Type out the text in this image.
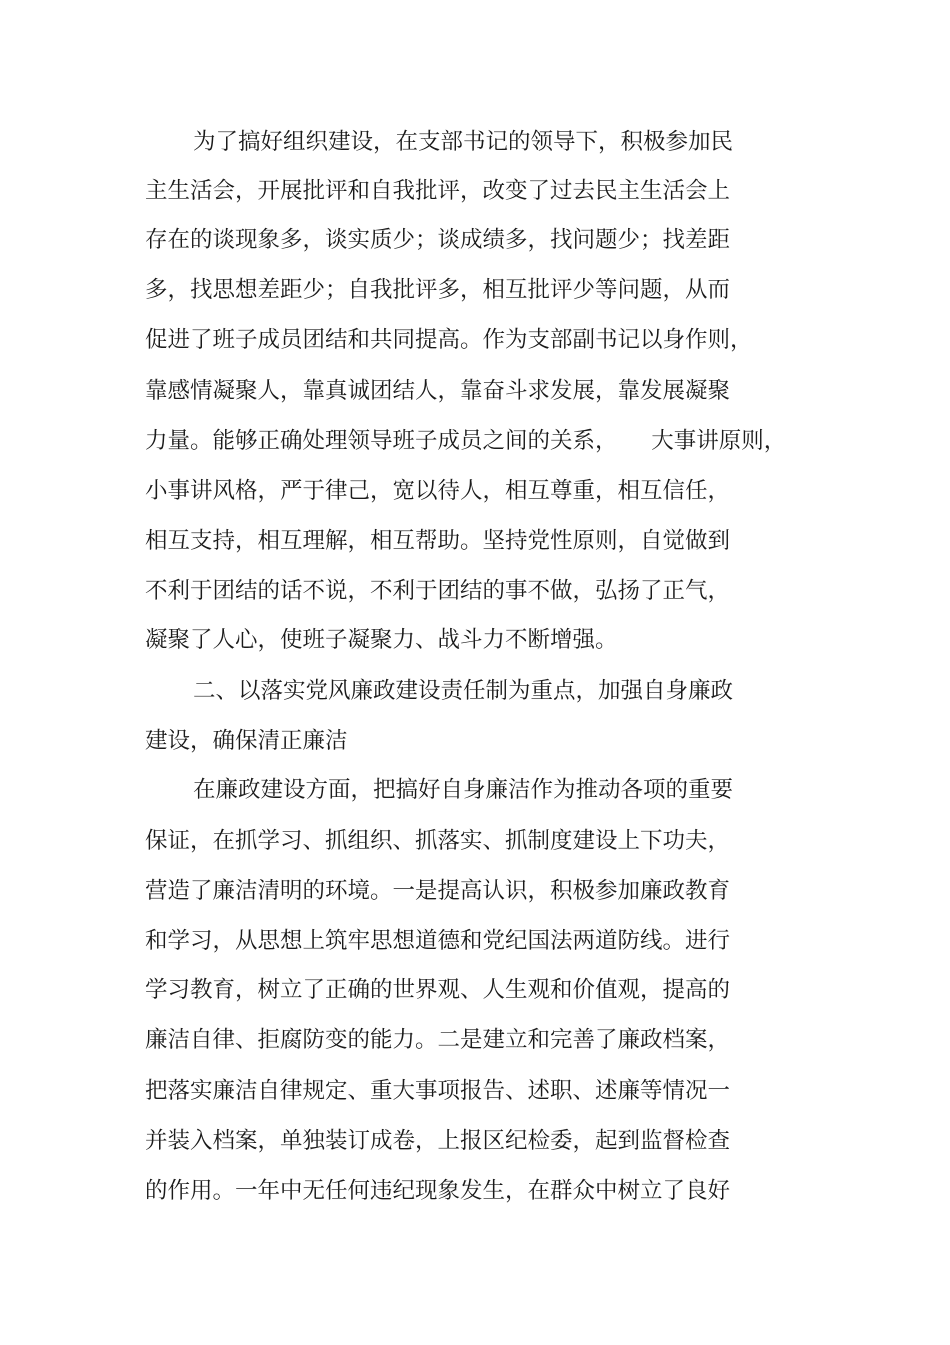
为了搞好组织建设，在支部书记的领导下，积极参加民
主生活会，开展批评和自我批评，改变了过去民主生活会上
存在的谈现象多，谈实质少；谈成绩多，找问题少；找差距
多，找思想差距少；自我批评多，相互批评少等问题，从而
促进了班子成员团结和共同提高。作为支部副书记以身作则，
靠感情凝聚人，靠真诚团结人，靠奋斗求发展，靠发展凝聚
力量。能够正确处理领导班子成员之间的关系，　　大事讲原则，
小事讲风格，严于律己，宽以待人，相互尊重，相互信任，
相互支持，相互理解，相互帮助。坚持党性原则，自觉做到
不利于团结的话不说，不利于团结的事不做，弘扬了正气，
凝聚了人心，使班子凝聚力、战斗力不断增强。
二、以落实党风廉政建设责任制为重点，加强自身廉政
建设，确保清正廉洁
在廉政建设方面，把搞好自身廉洁作为推动各项的重要
保证，在抓学习、抓组织、抓落实、抓制度建设上下功夫，
营造了廉洁清明的环境。一是提高认识，积极参加廉政教育
和学习，从思想上筑牢思想道德和党纪国法两道防线。进行
学习教育，树立了正确的世界观、人生观和价值观，提高的
廉洁自律、拒腐防变的能力。二是建立和完善了廉政档案，
把落实廉洁自律规定、重大事项报告、述职、述廉等情况一
并装入档案，单独装订成卷，上报区纪检委，起到监督检查
的作用。一年中无任何违纪现象发生，在群众中树立了良好
